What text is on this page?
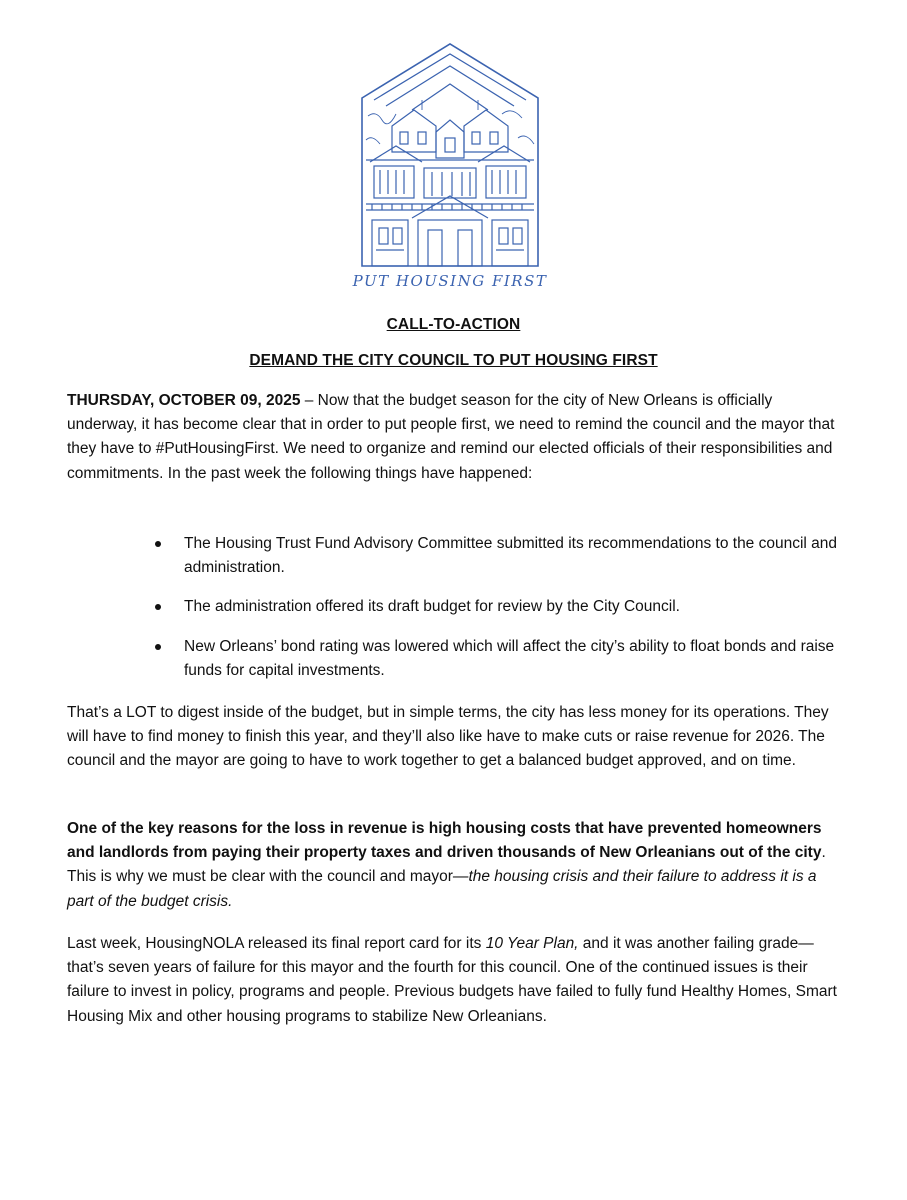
PUT HOUSING FIRST
CALL-TO-ACTION
DEMAND THE CITY COUNCIL TO PUT HOUSING FIRST

THURSDAY, OCTOBER 09, 2025 – Now that the budget season for the city of New Orleans is officially underway, it has become clear that in order to put people first, we need to remind the council and the mayor that they have to #PutHousingFirst. We need to organize and remind our elected officials of their responsibilities and commitments. In the past week the following things have happened:

The Housing Trust Fund Advisory Committee submitted its recommendations to the council and administration.
The administration offered its draft budget for review by the City Council.
New Orleans’ bond rating was lowered which will affect the city’s ability to float bonds and raise funds for capital investments.

That’s a LOT to digest inside of the budget, but in simple terms, the city has less money for its operations. They will have to find money to finish this year, and they’ll also like have to make cuts or raise revenue for 2026. The council and the mayor are going to have to work together to get a balanced budget approved, and on time.

One of the key reasons for the loss in revenue is high housing costs that have prevented homeowners and landlords from paying their property taxes and driven thousands of New Orleanians out of the city. This is why we must be clear with the council and mayor—the housing crisis and their failure to address it is a part of the budget crisis.

Last week, HousingNOLA released its final report card for its 10 Year Plan, and it was another failing grade—that’s seven years of failure for this mayor and the fourth for this council. One of the continued issues is their failure to invest in policy, programs and people. Previous budgets have failed to fully fund Healthy Homes, Smart Housing Mix and other housing programs to stabilize New Orleanians.
